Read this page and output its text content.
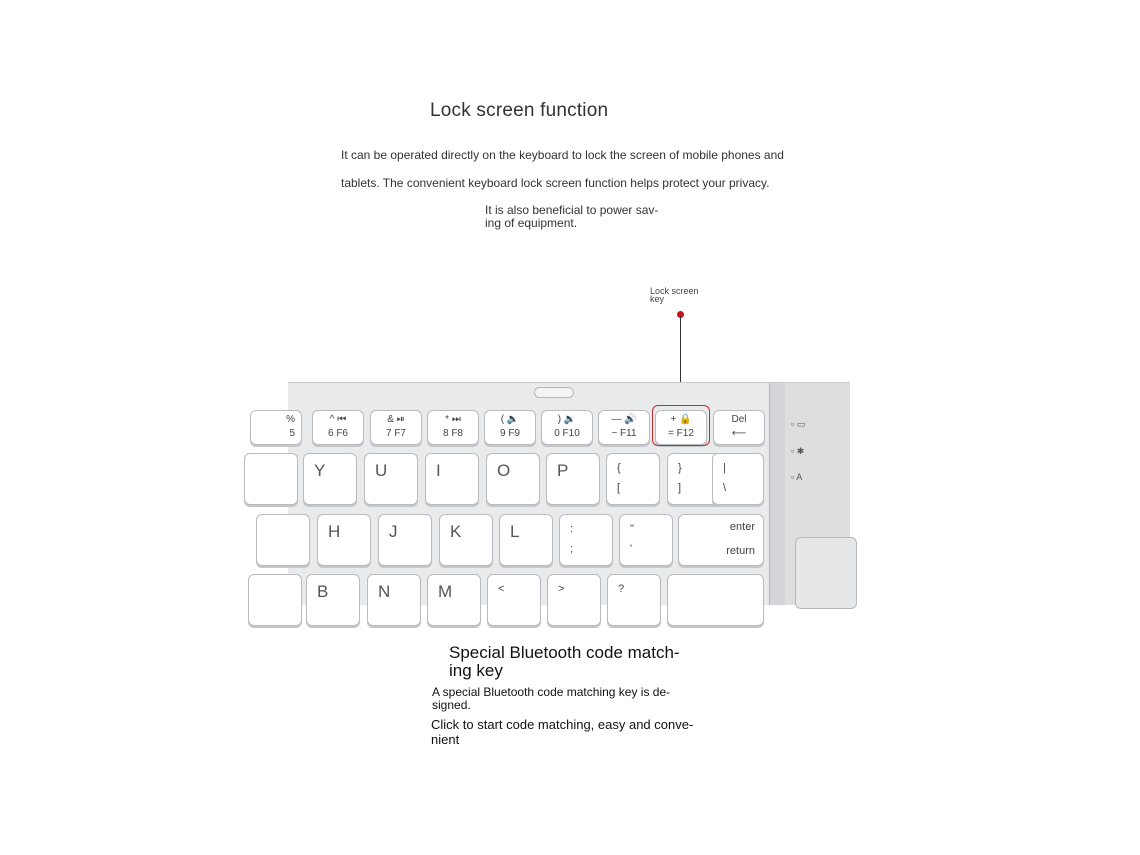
Lock screen function
It can be operated directly on the keyboard to lock the screen of mobile phones and
tablets. The convenient keyboard lock screen function helps protect your privacy.
It is also beneficial to power sav-
ing of equipment.
Lock screen
key
%
5
^ ⏮
6 F6
& ⏯
7 F7
* ⏭
8 F8
( 🔈
9 F9
) 🔉
0 F10
— 🔊
− F11
+ 🔒
= F12
Del
⟵
Y	U	I	O	P	{
[
}
]
|
\
H	J	K	L	:
;
"
'
enter
return
B	N	M	<	>	?
▫ ▭
▫ ✱
▫ A
Special Bluetooth code match-
ing key
A special Bluetooth code matching key is de-
signed.
Click to start code matching, easy and conve-
nient
